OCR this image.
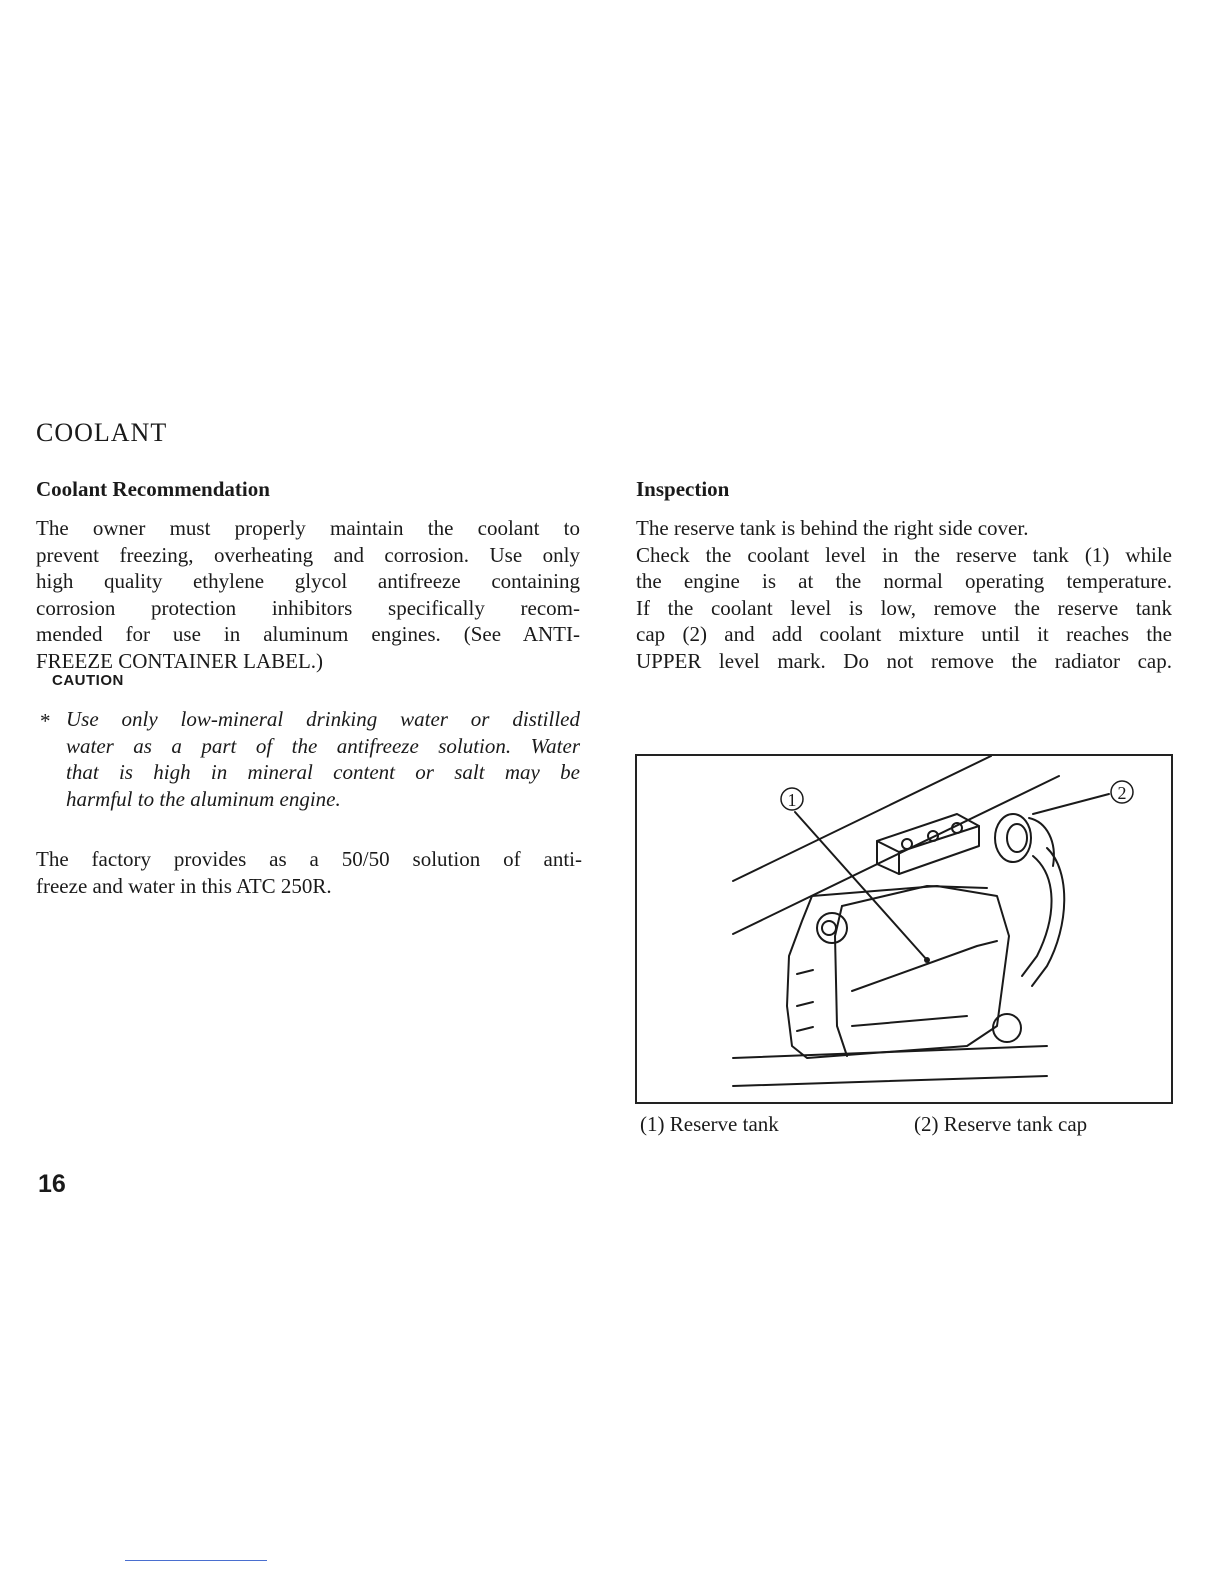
COOLANT
Coolant Recommendation
The owner must properly maintain the coolant to
prevent freezing, overheating and corrosion. Use only
high quality ethylene glycol antifreeze containing
corrosion protection inhibitors specifically recom-
mended for use in aluminum engines. (See ANTI-
FREEZE CONTAINER LABEL.)
CAUTION
* Use only low-mineral drinking water or distilled
water as a part of the antifreeze solution. Water
that is high in mineral content or salt may be
harmful to the aluminum engine.
The factory provides as a 50/50 solution of anti-
freeze and water in this ATC 250R.
Inspection
The reserve tank is behind the right side cover.
Check the coolant level in the reserve tank (1) while
the engine is at the normal operating temperature.
If the coolant level is low, remove the reserve tank
cap (2) and add coolant mixture until it reaches the
UPPER level mark. Do not remove the radiator cap.
1	2
(1) Reserve tank	(2) Reserve tank cap
16
